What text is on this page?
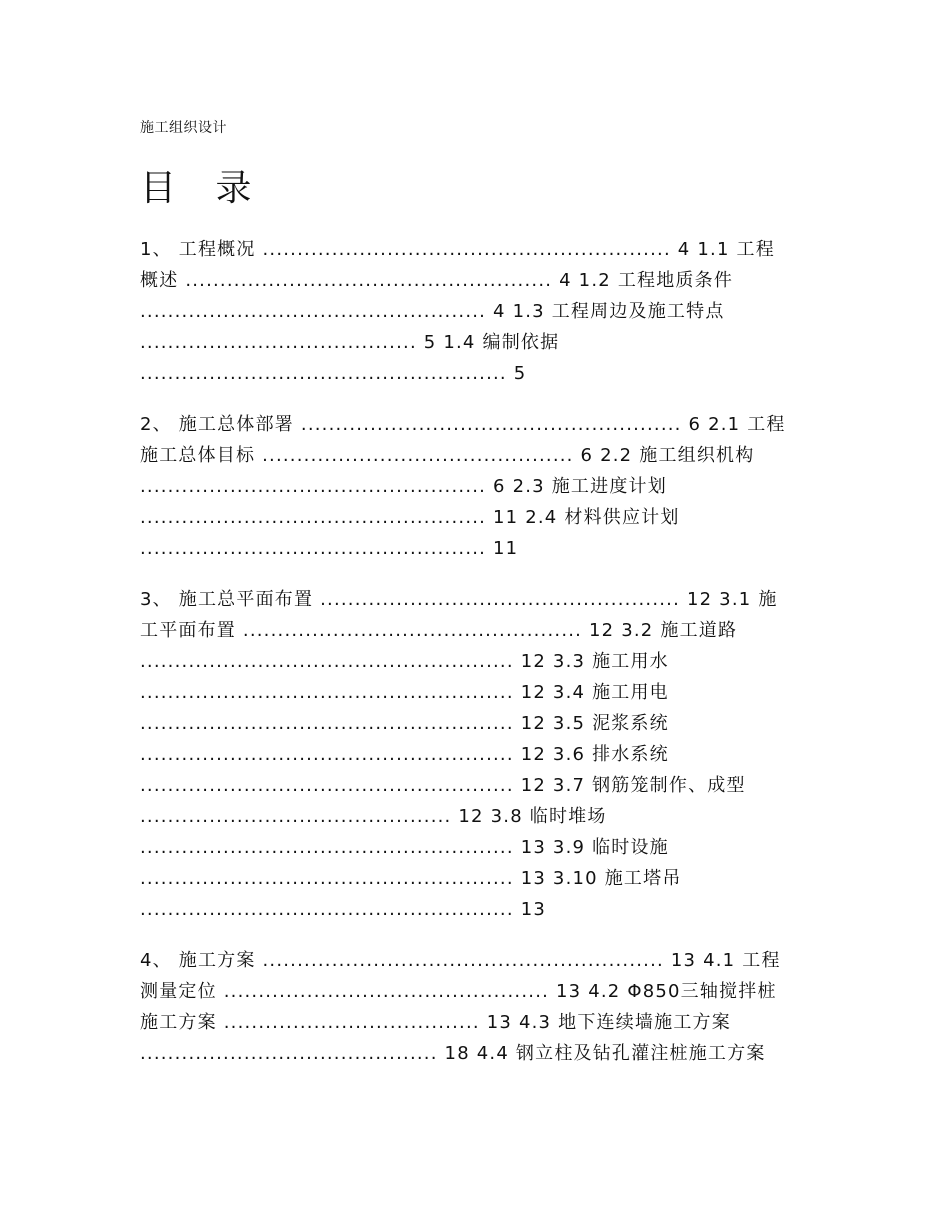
施工组织设计
目 录
1、 工程概况 ........................................................... 4 1.1 工程
概述 ..................................................... 4 1.2 工程地质条件
.................................................. 4 1.3 工程周边及施工特点
........................................ 5 1.4 编制依据
..................................................... 5
2、 施工总体部署 ....................................................... 6 2.1 工程
施工总体目标 ............................................. 6 2.2 施工组织机构
.................................................. 6 2.3 施工进度计划
.................................................. 11 2.4 材料供应计划
.................................................. 11
3、 施工总平面布置 .................................................... 12 3.1 施
工平面布置 ................................................. 12 3.2 施工道路
...................................................... 12 3.3 施工用水
...................................................... 12 3.4 施工用电
...................................................... 12 3.5 泥浆系统
...................................................... 12 3.6 排水系统
...................................................... 12 3.7 钢筋笼制作、成型
............................................. 12 3.8 临时堆场
...................................................... 13 3.9 临时设施
...................................................... 13 3.10 施工塔吊
...................................................... 13
4、 施工方案 .......................................................... 13 4.1 工程
测量定位 ............................................... 13 4.2 Φ850三轴搅拌桩
施工方案 ..................................... 13 4.3 地下连续墙施工方案
........................................... 18 4.4 钢立柱及钻孔灌注桩施工方案
